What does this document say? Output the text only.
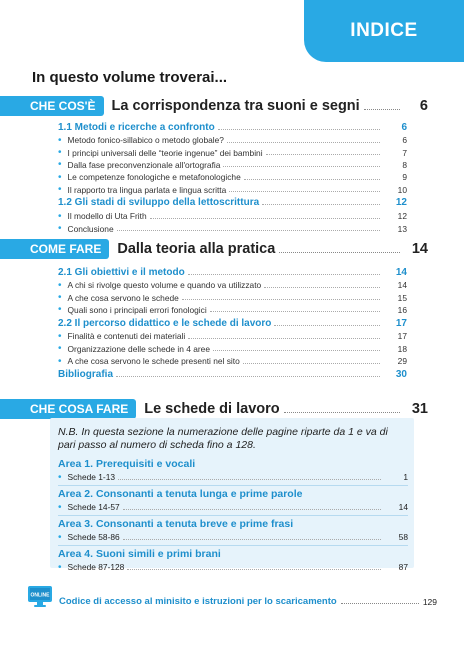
INDICE
In questo volume troverai...
CHE COS'È	La corrispondenza tra suoni e segni	6
1.1 Metodi e ricerche a confronto	6
• Metodo fonico-sillabico o metodo globale?	6
• I principi universali delle “teorie ingenue” dei bambini	7
• Dalla fase preconvenzionale all'ortografia	8
• Le competenze fonologiche e metafonologiche	9
• Il rapporto tra lingua parlata e lingua scritta	10
1.2 Gli stadi di sviluppo della lettoscrittura	12
• Il modello di Uta Frith	12
• Conclusione	13
COME FARE	Dalla teoria alla pratica	14
2.1 Gli obiettivi e il metodo	14
• A chi si rivolge questo volume e quando va utilizzato	14
• A che cosa servono le schede	15
• Quali sono i principali errori fonologici	16
2.2 Il percorso didattico e le schede di lavoro	17
• Finalità e contenuti dei materiali	17
• Organizzazione delle schede in 4 aree	18
• A che cosa servono le schede presenti nel sito	29
Bibliografia	30
CHE COSA FARE	Le schede di lavoro	31
N.B. In questa sezione la numerazione delle pagine riparte da 1 e va di pari passo al numero di scheda fino a 128.
Area 1. Prerequisiti e vocali
• Schede 1-13	1
Area 2. Consonanti a tenuta lunga e prime parole
• Schede 14-57	14
Area 3. Consonanti a tenuta breve e prime frasi
• Schede 58-86	58
Area 4. Suoni simili e primi brani
• Schede 87-128	87
ONLINE
Codice di accesso al minisito e istruzioni per lo scaricamento	129
